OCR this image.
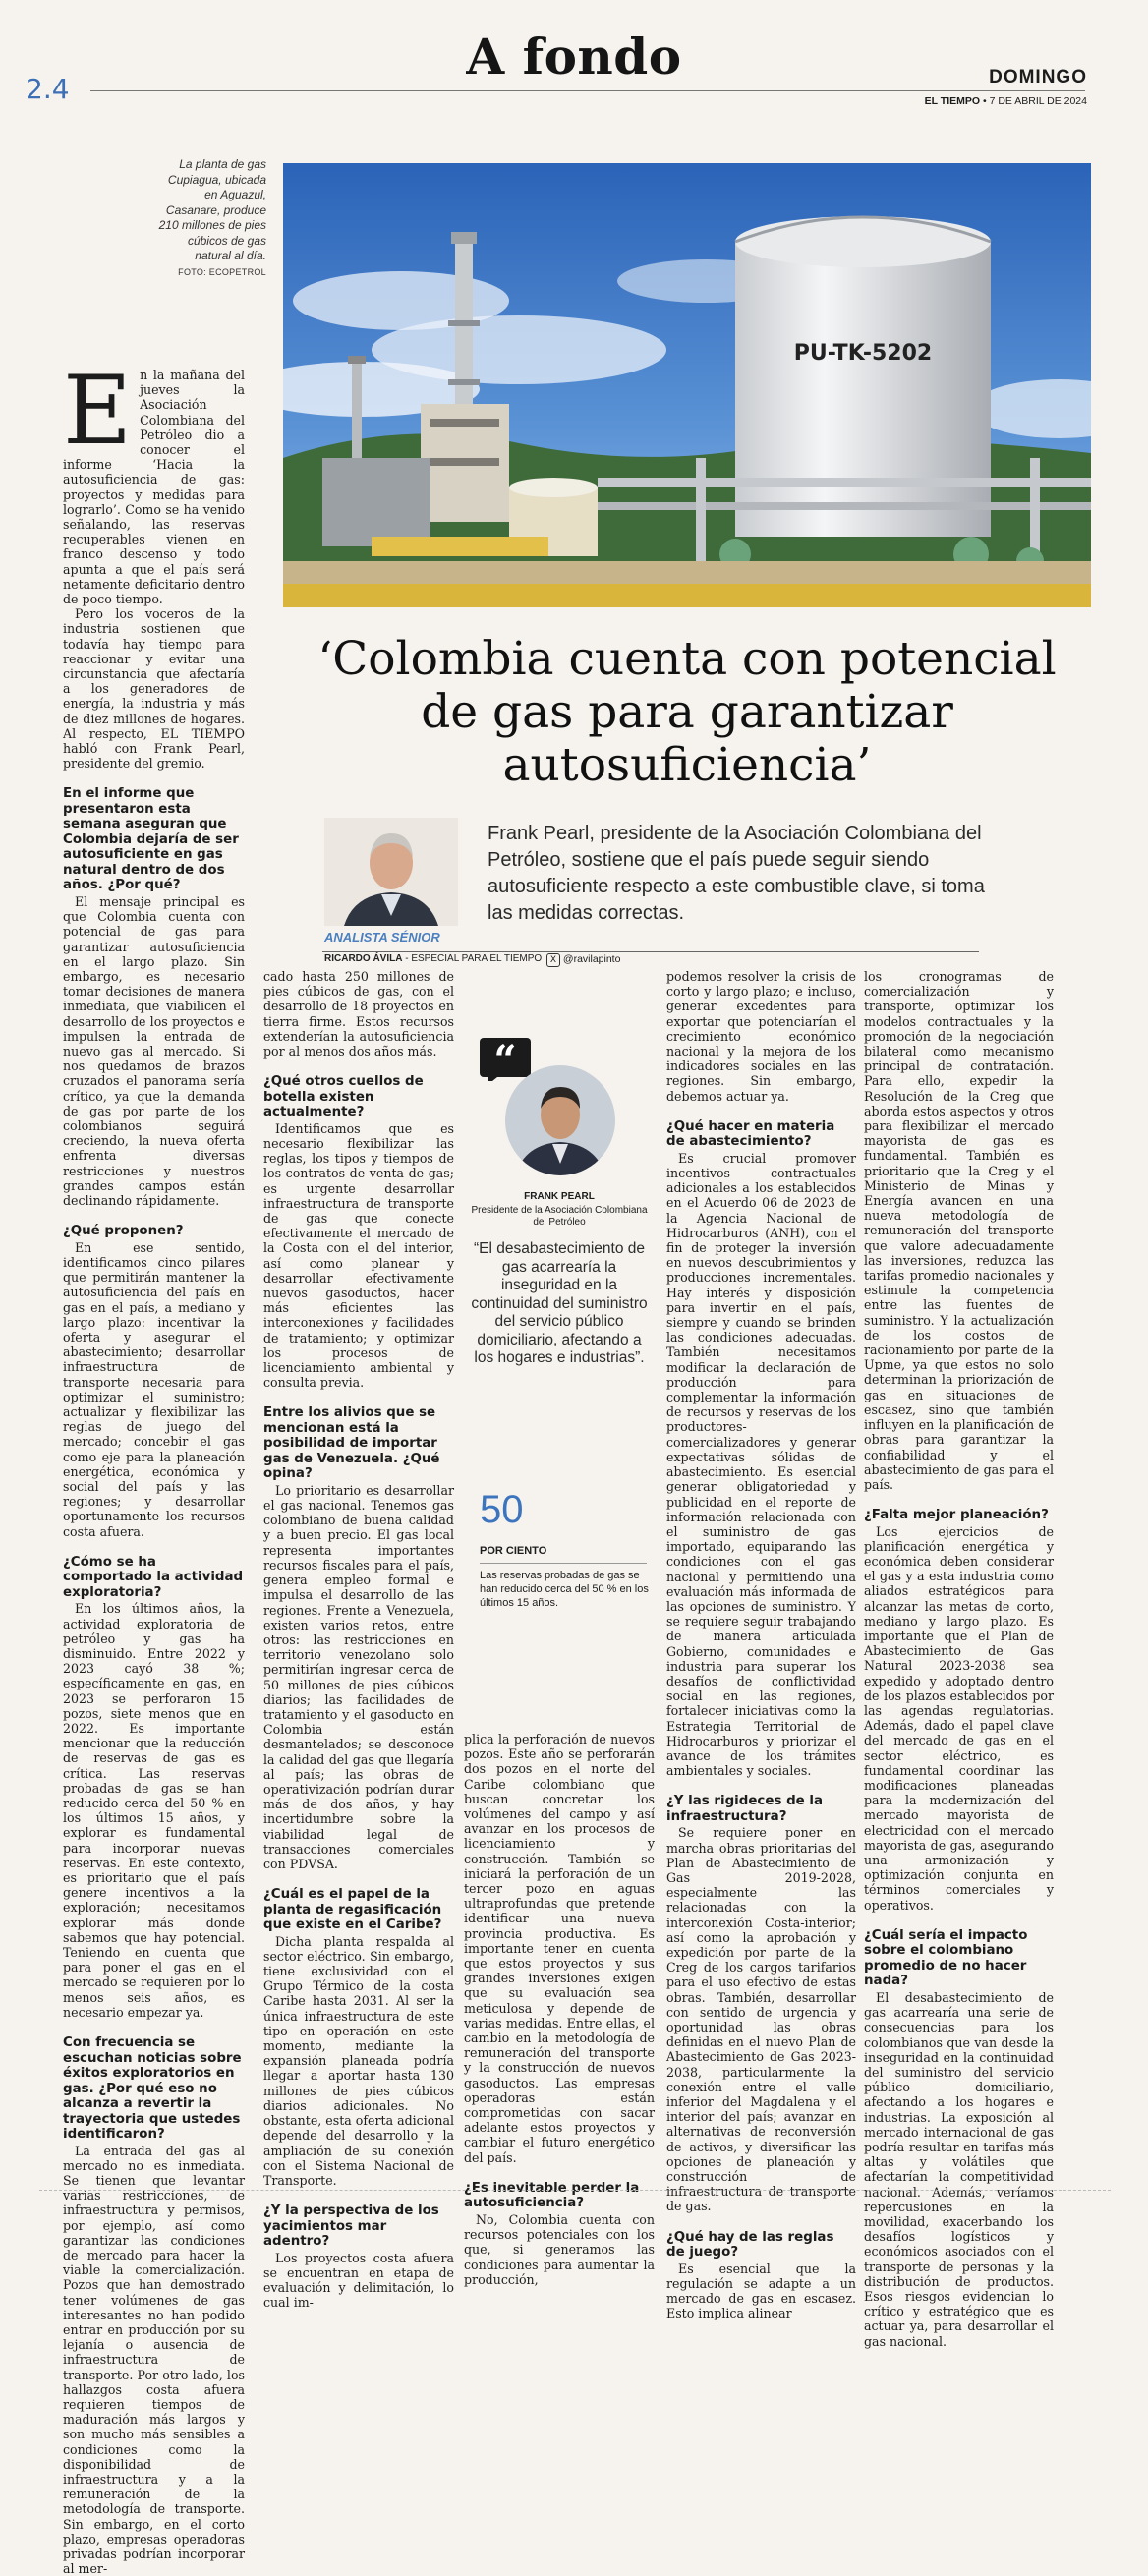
2.4
A fondo	DOMINGO
EL TIEMPO • 7 DE ABRIL DE 2024
La planta de gas Cupiagua, ubicada en Aguazul, Casanare, produce 210 millones de pies cúbicos de gas natural al día.
FOTO: ECOPETROL
PU-TK-5202
‘Colombia cuenta con potencial de gas para garantizar autosuficiencia’
Frank Pearl, presidente de la Asociación Colombiana del Petróleo, sostiene que el país puede seguir siendo autosuficiente respecto a este combustible clave, si toma las medidas correctas.
ANALISTA SÉNIOR
RICARDO ÁVILA - ESPECIAL PARA EL TIEMPO X @ravilapinto
E n la mañana del jueves la Asociación Colombiana del Petróleo dio a conocer el informe ‘Hacia la autosuficiencia de gas: proyectos y medidas para lograrlo’. Como se ha venido señalando, las reservas recuperables vienen en franco descenso y todo apunta a que el país será netamente deficitario dentro de poco tiempo.

Pero los voceros de la industria sostienen que todavía hay tiempo para reaccionar y evitar una circunstancia que afectaría a los generadores de energía, la industria y más de diez millones de hogares. Al respecto, EL TIEMPO habló con Frank Pearl, presidente del gremio.

En el informe que presentaron esta semana aseguran que Colombia dejaría de ser autosuficiente en gas natural dentro de dos años. ¿Por qué?

El mensaje principal es que Colombia cuenta con potencial de gas para garantizar autosuficiencia en el largo plazo. Sin embargo, es necesario tomar decisiones de manera inmediata, que viabilicen el desarrollo de los proyectos e impulsen la entrada de nuevo gas al mercado. Si nos quedamos de brazos cruzados el panorama sería crítico, ya que la demanda de gas por parte de los colombianos seguirá creciendo, la nueva oferta enfrenta diversas restricciones y nuestros grandes campos están declinando rápidamente.

¿Qué proponen?

En ese sentido, identificamos cinco pilares que permitirán mantener la autosuficiencia del país en gas en el país, a mediano y largo plazo: incentivar la oferta y asegurar el abastecimiento; desarrollar infraestructura de transporte necesaria para optimizar el suministro; actualizar y flexibilizar las reglas de juego del mercado; concebir el gas como eje para la planeación energética, económica y social del país y las regiones; y desarrollar oportunamente los recursos costa afuera.

¿Cómo se ha comportado la actividad exploratoria?

En los últimos años, la actividad exploratoria de petróleo y gas ha disminuido. Entre 2022 y 2023 cayó 38 %; específicamente en gas, en 2023 se perforaron 15 pozos, siete menos que en 2022. Es importante mencionar que la reducción de reservas de gas es crítica. Las reservas probadas de gas se han reducido cerca del 50 % en los últimos 15 años, y explorar es fundamental para incorporar nuevas reservas. En este contexto, es prioritario que el país genere incentivos a la exploración; necesitamos explorar más donde sabemos que hay potencial. Teniendo en cuenta que para poner el gas en el mercado se requieren por lo menos seis años, es necesario empezar ya.

Con frecuencia se escuchan noticias sobre éxitos exploratorios en gas. ¿Por qué eso no alcanza a revertir la trayectoria que ustedes identificaron?

La entrada del gas al mercado no es inmediata. Se tienen que levantar varias restricciones, de infraestructura y permisos, por ejemplo, así como garantizar las condiciones de mercado para hacer la viable la comercialización. Pozos que han demostrado tener volúmenes de gas interesantes no han podido entrar en producción por su lejanía o ausencia de infraestructura de transporte. Por otro lado, los hallazgos costa afuera requieren tiempos de maduración más largos y son mucho más sensibles a condiciones como la disponibilidad de infraestructura y a la remuneración de la metodología de transporte. Sin embargo, en el corto plazo, empresas operadoras privadas podrían incorporar al mer-

cado hasta 250 millones de pies cúbicos de gas, con el desarrollo de 18 proyectos en tierra firme. Estos recursos extenderían la autosuficiencia por al menos dos años más.

¿Qué otros cuellos de botella existen actualmente?

Identificamos que es necesario flexibilizar las reglas, los tipos y tiempos de los contratos de venta de gas; es urgente desarrollar infraestructura de transporte de gas que conecte efectivamente el mercado de la Costa con el del interior, así como planear y desarrollar efectivamente nuevos gasoductos, hacer más eficientes las interconexiones y facilidades de tratamiento; y optimizar los procesos de licenciamiento ambiental y consulta previa.

Entre los alivios que se mencionan está la posibilidad de importar gas de Venezuela. ¿Qué opina?

Lo prioritario es desarrollar el gas nacional. Tenemos gas colombiano de buena calidad y a buen precio. El gas local representa importantes recursos fiscales para el país, genera empleo formal e impulsa el desarrollo de las regiones. Frente a Venezuela, existen varios retos, entre otros: las restricciones en territorio venezolano solo permitirían ingresar cerca de 50 millones de pies cúbicos diarios; las facilidades de tratamiento y el gasoducto en Colombia están desmantelados; se desconoce la calidad del gas que llegaría al país; las obras de operativización podrían durar más de dos años, y hay incertidumbre sobre la viabilidad legal de transacciones comerciales con PDVSA.

¿Cuál es el papel de la planta de regasificación que existe en el Caribe?

Dicha planta respalda al sector eléctrico. Sin embargo, tiene exclusividad con el Grupo Térmico de la costa Caribe hasta 2031. Al ser la única infraestructura de este tipo en operación en este momento, mediante la expansión planeada podría llegar a aportar hasta 130 millones de pies cúbicos diarios adicionales. No obstante, esta oferta adicional depende del desarrollo y la ampliación de su conexión con el Sistema Nacional de Transporte.

¿Y la perspectiva de los yacimientos mar adentro?

Los proyectos costa afuera se encuentran en etapa de evaluación y delimitación, lo cual im-

“
FRANK PEARL
Presidente de la Asociación Colombiana del Petróleo
“El desabastecimiento de gas acarrearía la inseguridad en la continuidad del suministro del servicio público domiciliario, afectando a los hogares e industrias”.
50
POR CIENTO
Las reservas probadas de gas se han reducido cerca del 50 % en los últimos 15 años.

plica la perforación de nuevos pozos. Este año se perforarán dos pozos en el norte del Caribe colombiano que buscan concretar los volúmenes del campo y así avanzar en los procesos de licenciamiento y construcción. También se iniciará la perforación de un tercer pozo en aguas ultraprofundas que pretende identificar una nueva provincia productiva. Es importante tener en cuenta que estos proyectos y sus grandes inversiones exigen que su evaluación sea meticulosa y depende de varias medidas. Entre ellas, el cambio en la metodología de remuneración del transporte y la construcción de nuevos gasoductos. Las empresas operadoras están comprometidas con sacar adelante estos proyectos y cambiar el futuro energético del país.

¿Es inevitable perder la autosuficiencia?

No, Colombia cuenta con recursos potenciales con los que, si generamos las condiciones para aumentar la producción,

podemos resolver la crisis de corto y largo plazo; e incluso, generar excedentes para exportar que potenciarían el crecimiento económico nacional y la mejora de los indicadores sociales en las regiones. Sin embargo, debemos actuar ya.

¿Qué hacer en materia de abastecimiento?

Es crucial promover incentivos contractuales adicionales a los establecidos en el Acuerdo 06 de 2023 de la Agencia Nacional de Hidrocarburos (ANH), con el fin de proteger la inversión en nuevos descubrimientos y producciones incrementales. Hay interés y disposición para invertir en el país, siempre y cuando se brinden las condiciones adecuadas. También necesitamos modificar la declaración de producción para complementar la información de recursos y reservas de los productores-comercializadores y generar expectativas sólidas de abastecimiento. Es esencial generar obligatoriedad y publicidad en el reporte de información relacionada con el suministro de gas importado, equiparando las condiciones con el gas nacional y permitiendo una evaluación más informada de las opciones de suministro. Y se requiere seguir trabajando de manera articulada Gobierno, comunidades e industria para superar los desafíos de conflictividad social en las regiones, fortalecer iniciativas como la Estrategia Territorial de Hidrocarburos y priorizar el avance de los trámites ambientales y sociales.

¿Y las rigideces de la infraestructura?

Se requiere poner en marcha obras prioritarias del Plan de Abastecimiento de Gas 2019-2028, especialmente las relacionadas con la interconexión Costa-interior; así como la aprobación y expedición por parte de la Creg de los cargos tarifarios para el uso efectivo de estas obras. También, desarrollar con sentido de urgencia y oportunidad las obras definidas en el nuevo Plan de Abastecimiento de Gas 2023-2038, particularmente la conexión entre el valle inferior del Magdalena y el interior del país; avanzar en alternativas de reconversión de activos, y diversificar las opciones de planeación y construcción de infraestructura de transporte de gas.

¿Qué hay de las reglas de juego?

Es esencial que la regulación se adapte a un mercado de gas en escasez. Esto implica alinear

los cronogramas de comercialización y transporte, optimizar los modelos contractuales y la promoción de la negociación bilateral como mecanismo principal de contratación. Para ello, expedir la Resolución de la Creg que aborda estos aspectos y otros para flexibilizar el mercado mayorista de gas es fundamental. También es prioritario que la Creg y el Ministerio de Minas y Energía avancen en una nueva metodología de remuneración del transporte que valore adecuadamente las inversiones, reduzca las tarifas promedio nacionales y estimule la competencia entre las fuentes de suministro. Y la actualización de los costos de racionamiento por parte de la Upme, ya que estos no solo determinan la priorización de gas en situaciones de escasez, sino que también influyen en la planificación de obras para garantizar la confiabilidad y el abastecimiento de gas para el país.

¿Falta mejor planeación?

Los ejercicios de planificación energética y económica deben considerar el gas y a esta industria como aliados estratégicos para alcanzar las metas de corto, mediano y largo plazo. Es importante que el Plan de Abastecimiento de Gas Natural 2023-2038 sea expedido y adoptado dentro de los plazos establecidos por las agendas regulatorias. Además, dado el papel clave del mercado de gas en el sector eléctrico, es fundamental coordinar las modificaciones planeadas para la modernización del mercado mayorista de electricidad con el mercado mayorista de gas, asegurando una armonización y optimización conjunta en términos comerciales y operativos.

¿Cuál sería el impacto sobre el colombiano promedio de no hacer nada?

El desabastecimiento de gas acarrearía una serie de consecuencias para los colombianos que van desde la inseguridad en la continuidad del suministro del servicio público domiciliario, afectando a los hogares e industrias. La exposición al mercado internacional de gas podría resultar en tarifas más altas y volátiles que afectarían la competitividad nacional. Además, veríamos repercusiones en la movilidad, exacerbando los desafíos logísticos y económicos asociados con el transporte de personas y la distribución de productos. Esos riesgos evidencian lo crítico y estratégico que es actuar ya, para desarrollar el gas nacional.
